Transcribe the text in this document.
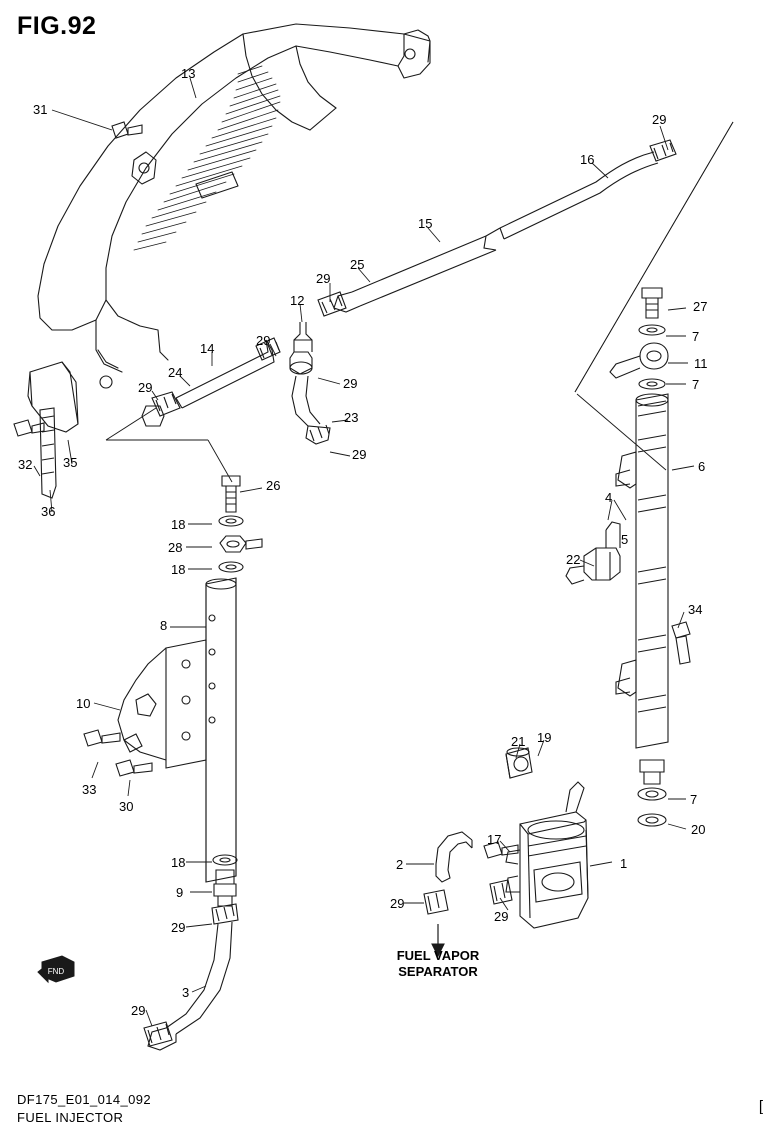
FIG.92
FND
31
13
29
16
15
25
29
27
12
29	7
11
14
24
29	7
29
23
32 35
29
6
36
26
4
18
5
28
22
18
34
8
10
33
30
21 19
7
17
20
2	1
18
9
29
29
29
3
29
FUEL VAPOR
SEPARATOR
DF175_E01_014_092
FUEL INJECTOR
[
